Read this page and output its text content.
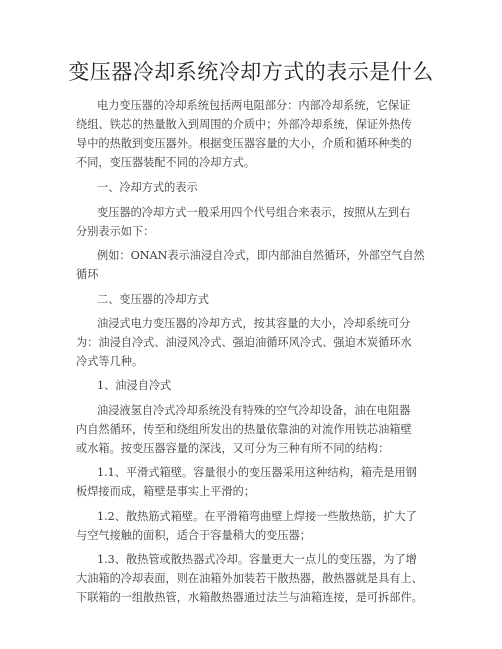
变压器冷却系统冷却方式的表示是什么
电力变压器的冷却系统包括两电阻部分：内部冷却系统，它保证
绕组、铁芯的热量散入到周围的介质中；外部冷却系统，保证外热传
导中的热散到变压器外。根据变压器容量的大小，介质和循环种类的
不同，变压器装配不同的冷却方式。
一、冷却方式的表示
变压器的冷却方式一般采用四个代号组合来表示，按照从左到右
分别表示如下：
例如：ONAN表示油浸自冷式，即内部油自然循环，外部空气自然
循环
二、变压器的冷却方式
油浸式电力变压器的冷却方式，按其容量的大小，冷却系统可分
为：油浸自冷式、油浸风冷式、强迫油循环风冷式、强迫木炭循环水
冷式等几种。
1、油浸自冷式
油浸液氢自冷式冷却系统没有特殊的空气冷却设备，油在电阻器
内自然循环，传至和绕组所发出的热量依靠油的对流作用铁芯油箱壁
或水箱。按变压器容量的深浅，又可分为三种有所不同的结构：
1.1、平滑式箱壁。容量很小的变压器采用这种结构，箱壳是用钢
板焊接而成，箱壁是事实上平滑的；
1.2、散热筋式箱壁。在平滑箱弯曲壁上焊接一些散热筋，扩大了
与空气接触的面积，适合于容量稍大的变压器；
1.3、散热管或散热器式冷却。容量更大一点儿的变压器，为了增
大油箱的冷却表面，则在油箱外加装若干散热器，散热器就是具有上、
下联箱的一组散热管，水箱散热器通过法兰与油箱连接，是可拆部件。
